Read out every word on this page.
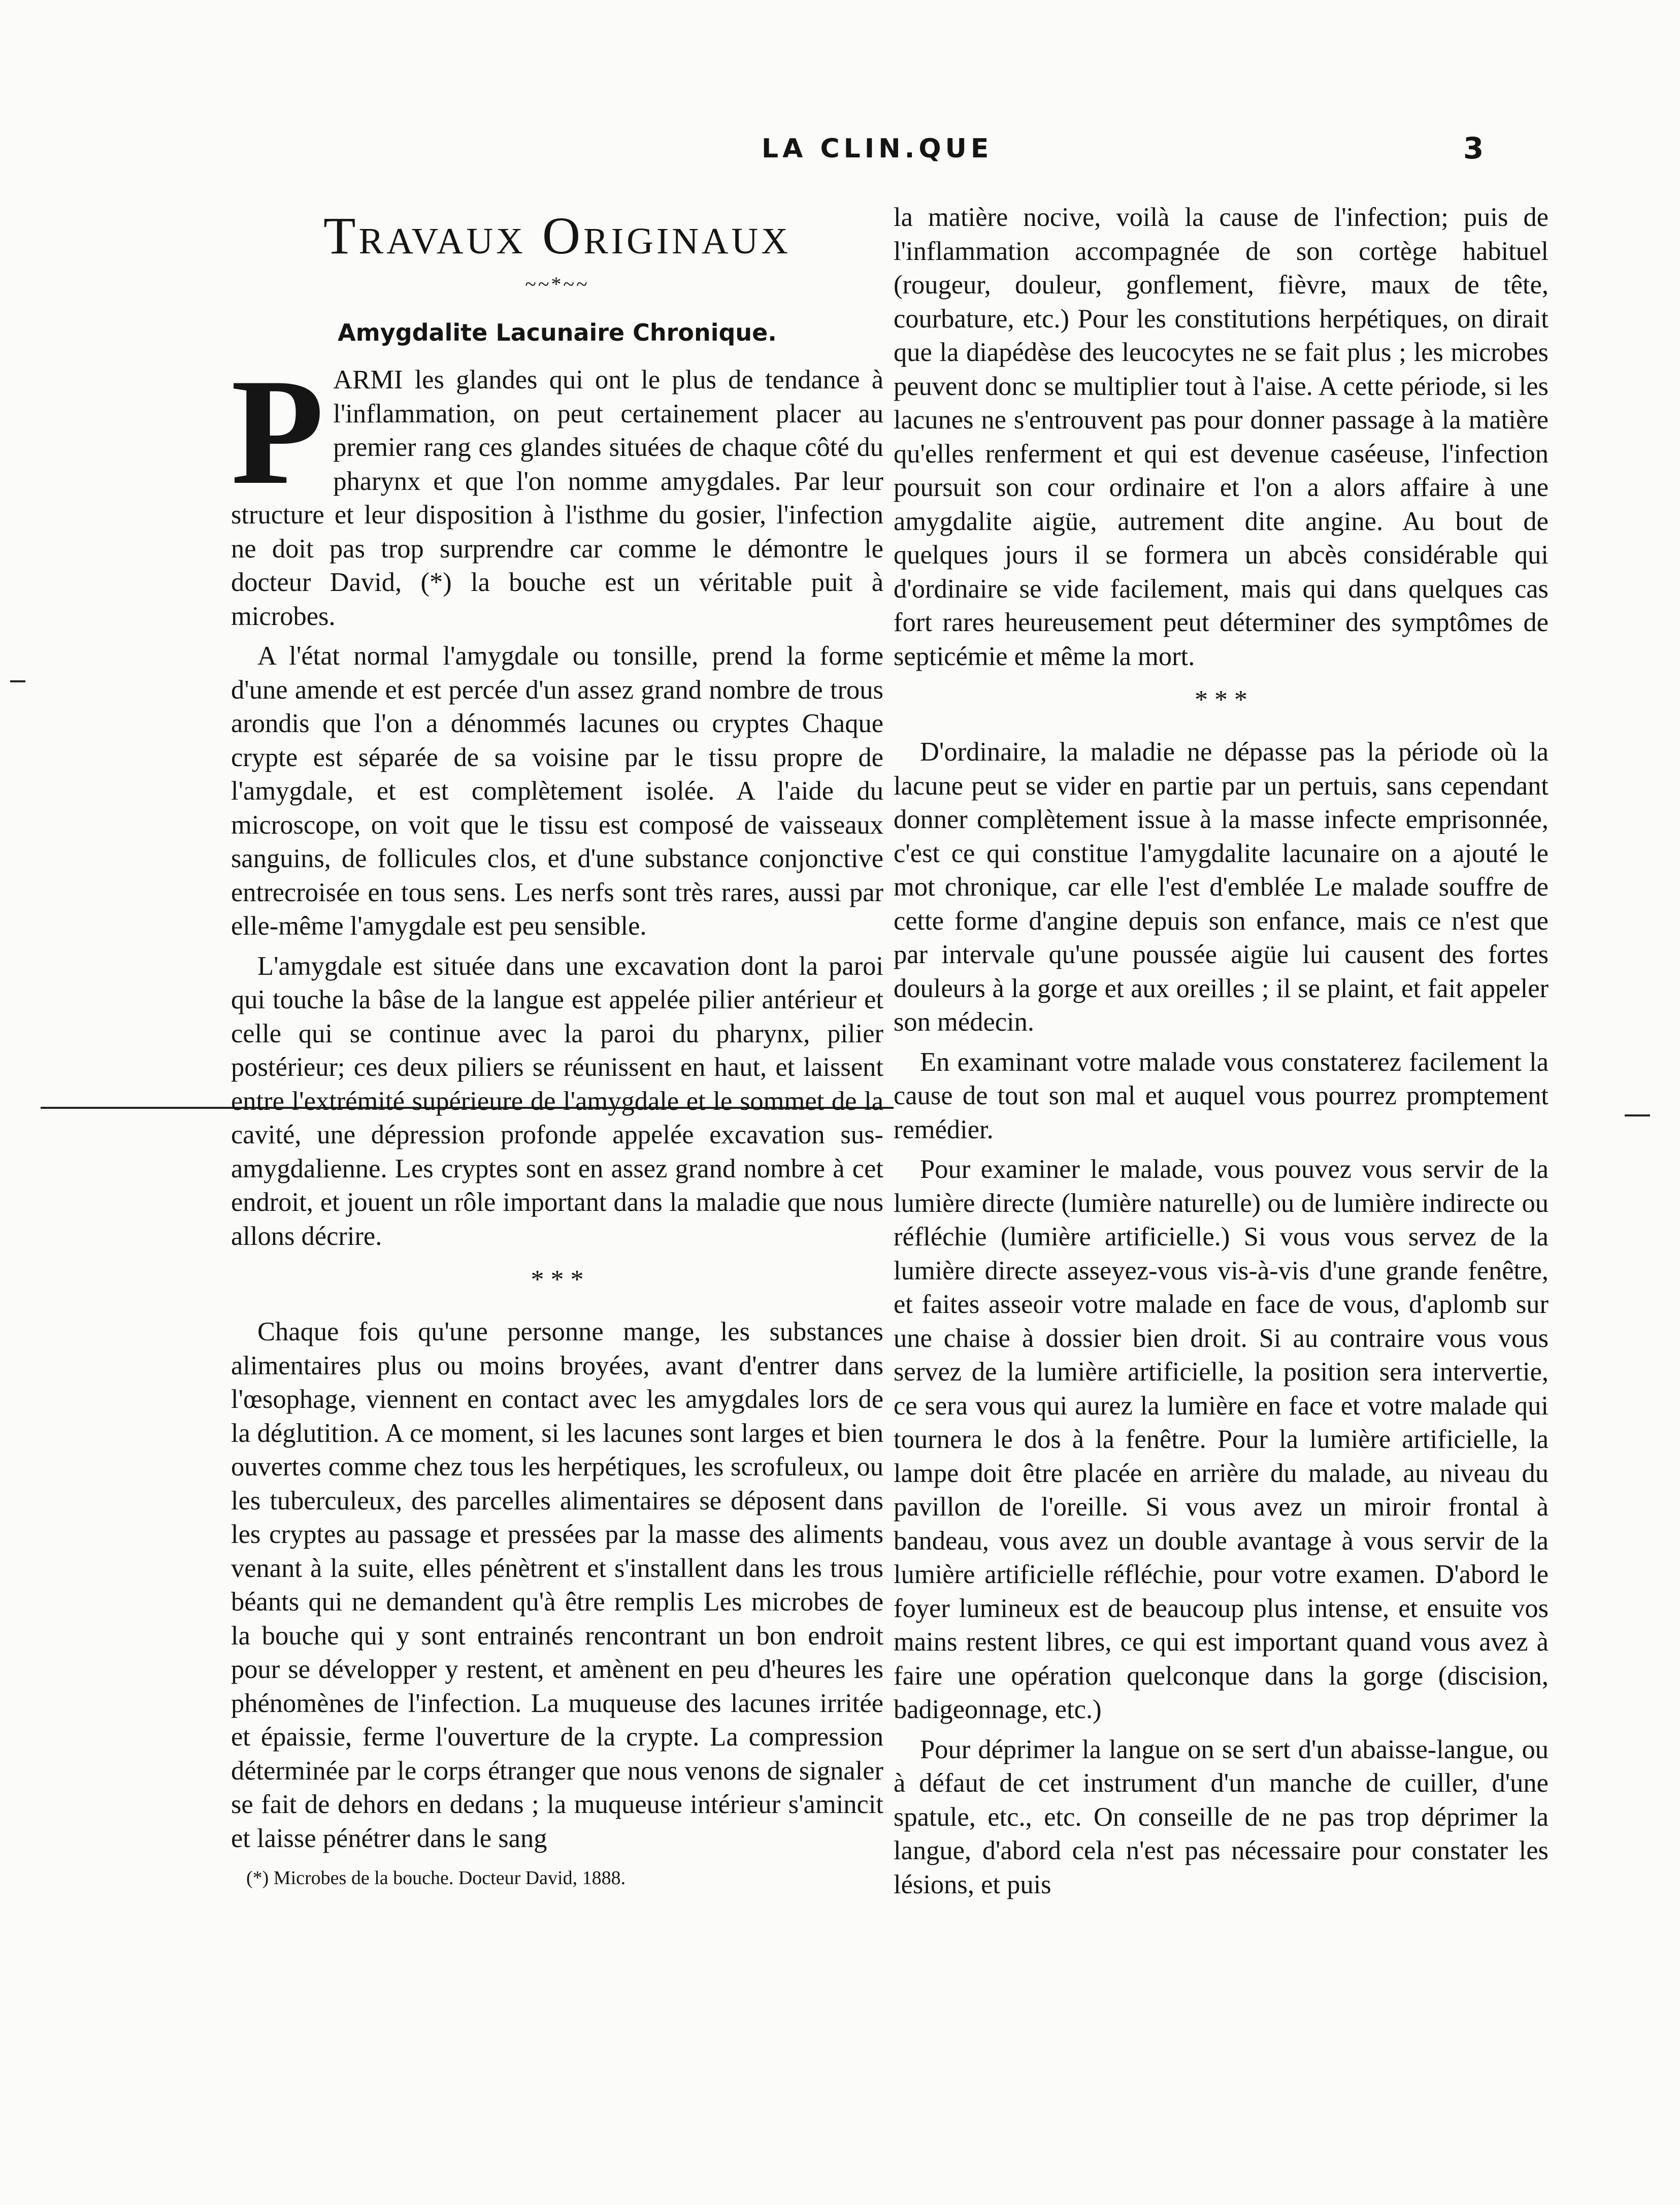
LA CLIN.QUE	3
Travaux Originaux
~~*~~
Amygdalite Lacunaire Chronique.

PARMI les glandes qui ont le plus de tendance à l'inflammation, on peut certainement placer au premier rang ces glandes situées de chaque côté du pharynx et que l'on nomme amygdales. Par leur structure et leur disposition à l'isthme du gosier, l'infection ne doit pas trop surprendre car comme le démontre le docteur David, (*) la bouche est un véritable puit à microbes.

A l'état normal l'amygdale ou tonsille, prend la forme d'une amende et est percée d'un assez grand nombre de trous arondis que l'on a dénommés lacunes ou cryptes Chaque crypte est séparée de sa voisine par le tissu propre de l'amygdale, et est complètement isolée. A l'aide du microscope, on voit que le tissu est composé de vaisseaux sanguins, de follicules clos, et d'une substance conjonctive entrecroisée en tous sens. Les nerfs sont très rares, aussi par elle-même l'amygdale est peu sensible.

L'amygdale est située dans une excavation dont la paroi qui touche la bâse de la langue est appelée pilier antérieur et celle qui se continue avec la paroi du pharynx, pilier postérieur; ces deux piliers se réunissent en haut, et laissent entre l'extrémité supérieure de l'amygdale et le sommet de la cavité, une dépression profonde appelée excavation sus-amygdalienne. Les cryptes sont en assez grand nombre à cet endroit, et jouent un rôle important dans la maladie que nous allons décrire.

* * *

Chaque fois qu'une personne mange, les substances alimentaires plus ou moins broyées, avant d'entrer dans l'œsophage, viennent en contact avec les amygdales lors de la déglutition. A ce moment, si les lacunes sont larges et bien ouvertes comme chez tous les herpétiques, les scrofuleux, ou les tuberculeux, des parcelles alimentaires se déposent dans les cryptes au passage et pressées par la masse des aliments venant à la suite, elles pénètrent et s'installent dans les trous béants qui ne demandent qu'à être remplis Les microbes de la bouche qui y sont entrainés rencontrant un bon endroit pour se développer y restent, et amènent en peu d'heures les phénomènes de l'infection. La muqueuse des lacunes irritée et épaissie, ferme l'ouverture de la crypte. La compression déterminée par le corps étranger que nous venons de signaler se fait de dehors en dedans ; la muqueuse intérieur s'amincit et laisse pénétrer dans le sang

(*) Microbes de la bouche. Docteur David, 1888.

la matière nocive, voilà la cause de l'infection; puis de l'inflammation accompagnée de son cortège habituel (rougeur, douleur, gonflement, fièvre, maux de tête, courbature, etc.) Pour les constitutions herpétiques, on dirait que la diapédèse des leucocytes ne se fait plus ; les microbes peuvent donc se multiplier tout à l'aise. A cette période, si les lacunes ne s'entrouvent pas pour donner passage à la matière qu'elles renferment et qui est devenue caséeuse, l'infection poursuit son cour ordinaire et l'on a alors affaire à une amygdalite aigüe, autrement dite angine. Au bout de quelques jours il se formera un abcès considérable qui d'ordinaire se vide facilement, mais qui dans quelques cas fort rares heureusement peut déterminer des symptômes de septicémie et même la mort.

* * *

D'ordinaire, la maladie ne dépasse pas la période où la lacune peut se vider en partie par un pertuis, sans cependant donner complètement issue à la masse infecte emprisonnée, c'est ce qui constitue l'amygdalite lacunaire on a ajouté le mot chronique, car elle l'est d'emblée Le malade souffre de cette forme d'angine depuis son enfance, mais ce n'est que par intervale qu'une poussée aigüe lui causent des fortes douleurs à la gorge et aux oreilles ; il se plaint, et fait appeler son médecin.

En examinant votre malade vous constaterez facilement la cause de tout son mal et auquel vous pourrez promptement remédier.

Pour examiner le malade, vous pouvez vous servir de la lumière directe (lumière naturelle) ou de lumière indirecte ou réfléchie (lumière artificielle.) Si vous vous servez de la lumière directe asseyez-vous vis-à-vis d'une grande fenêtre, et faites asseoir votre malade en face de vous, d'aplomb sur une chaise à dossier bien droit. Si au contraire vous vous servez de la lumière artificielle, la position sera intervertie, ce sera vous qui aurez la lumière en face et votre malade qui tournera le dos à la fenêtre. Pour la lumière artificielle, la lampe doit être placée en arrière du malade, au niveau du pavillon de l'oreille. Si vous avez un miroir frontal à bandeau, vous avez un double avantage à vous servir de la lumière artificielle réfléchie, pour votre examen. D'abord le foyer lumineux est de beaucoup plus intense, et ensuite vos mains restent libres, ce qui est important quand vous avez à faire une opération quelconque dans la gorge (discision, badigeonnage, etc.)

Pour déprimer la langue on se sert d'un abaisse-langue, ou à défaut de cet instrument d'un manche de cuiller, d'une spatule, etc., etc. On conseille de ne pas trop déprimer la langue, d'abord cela n'est pas nécessaire pour constater les lésions, et puis
